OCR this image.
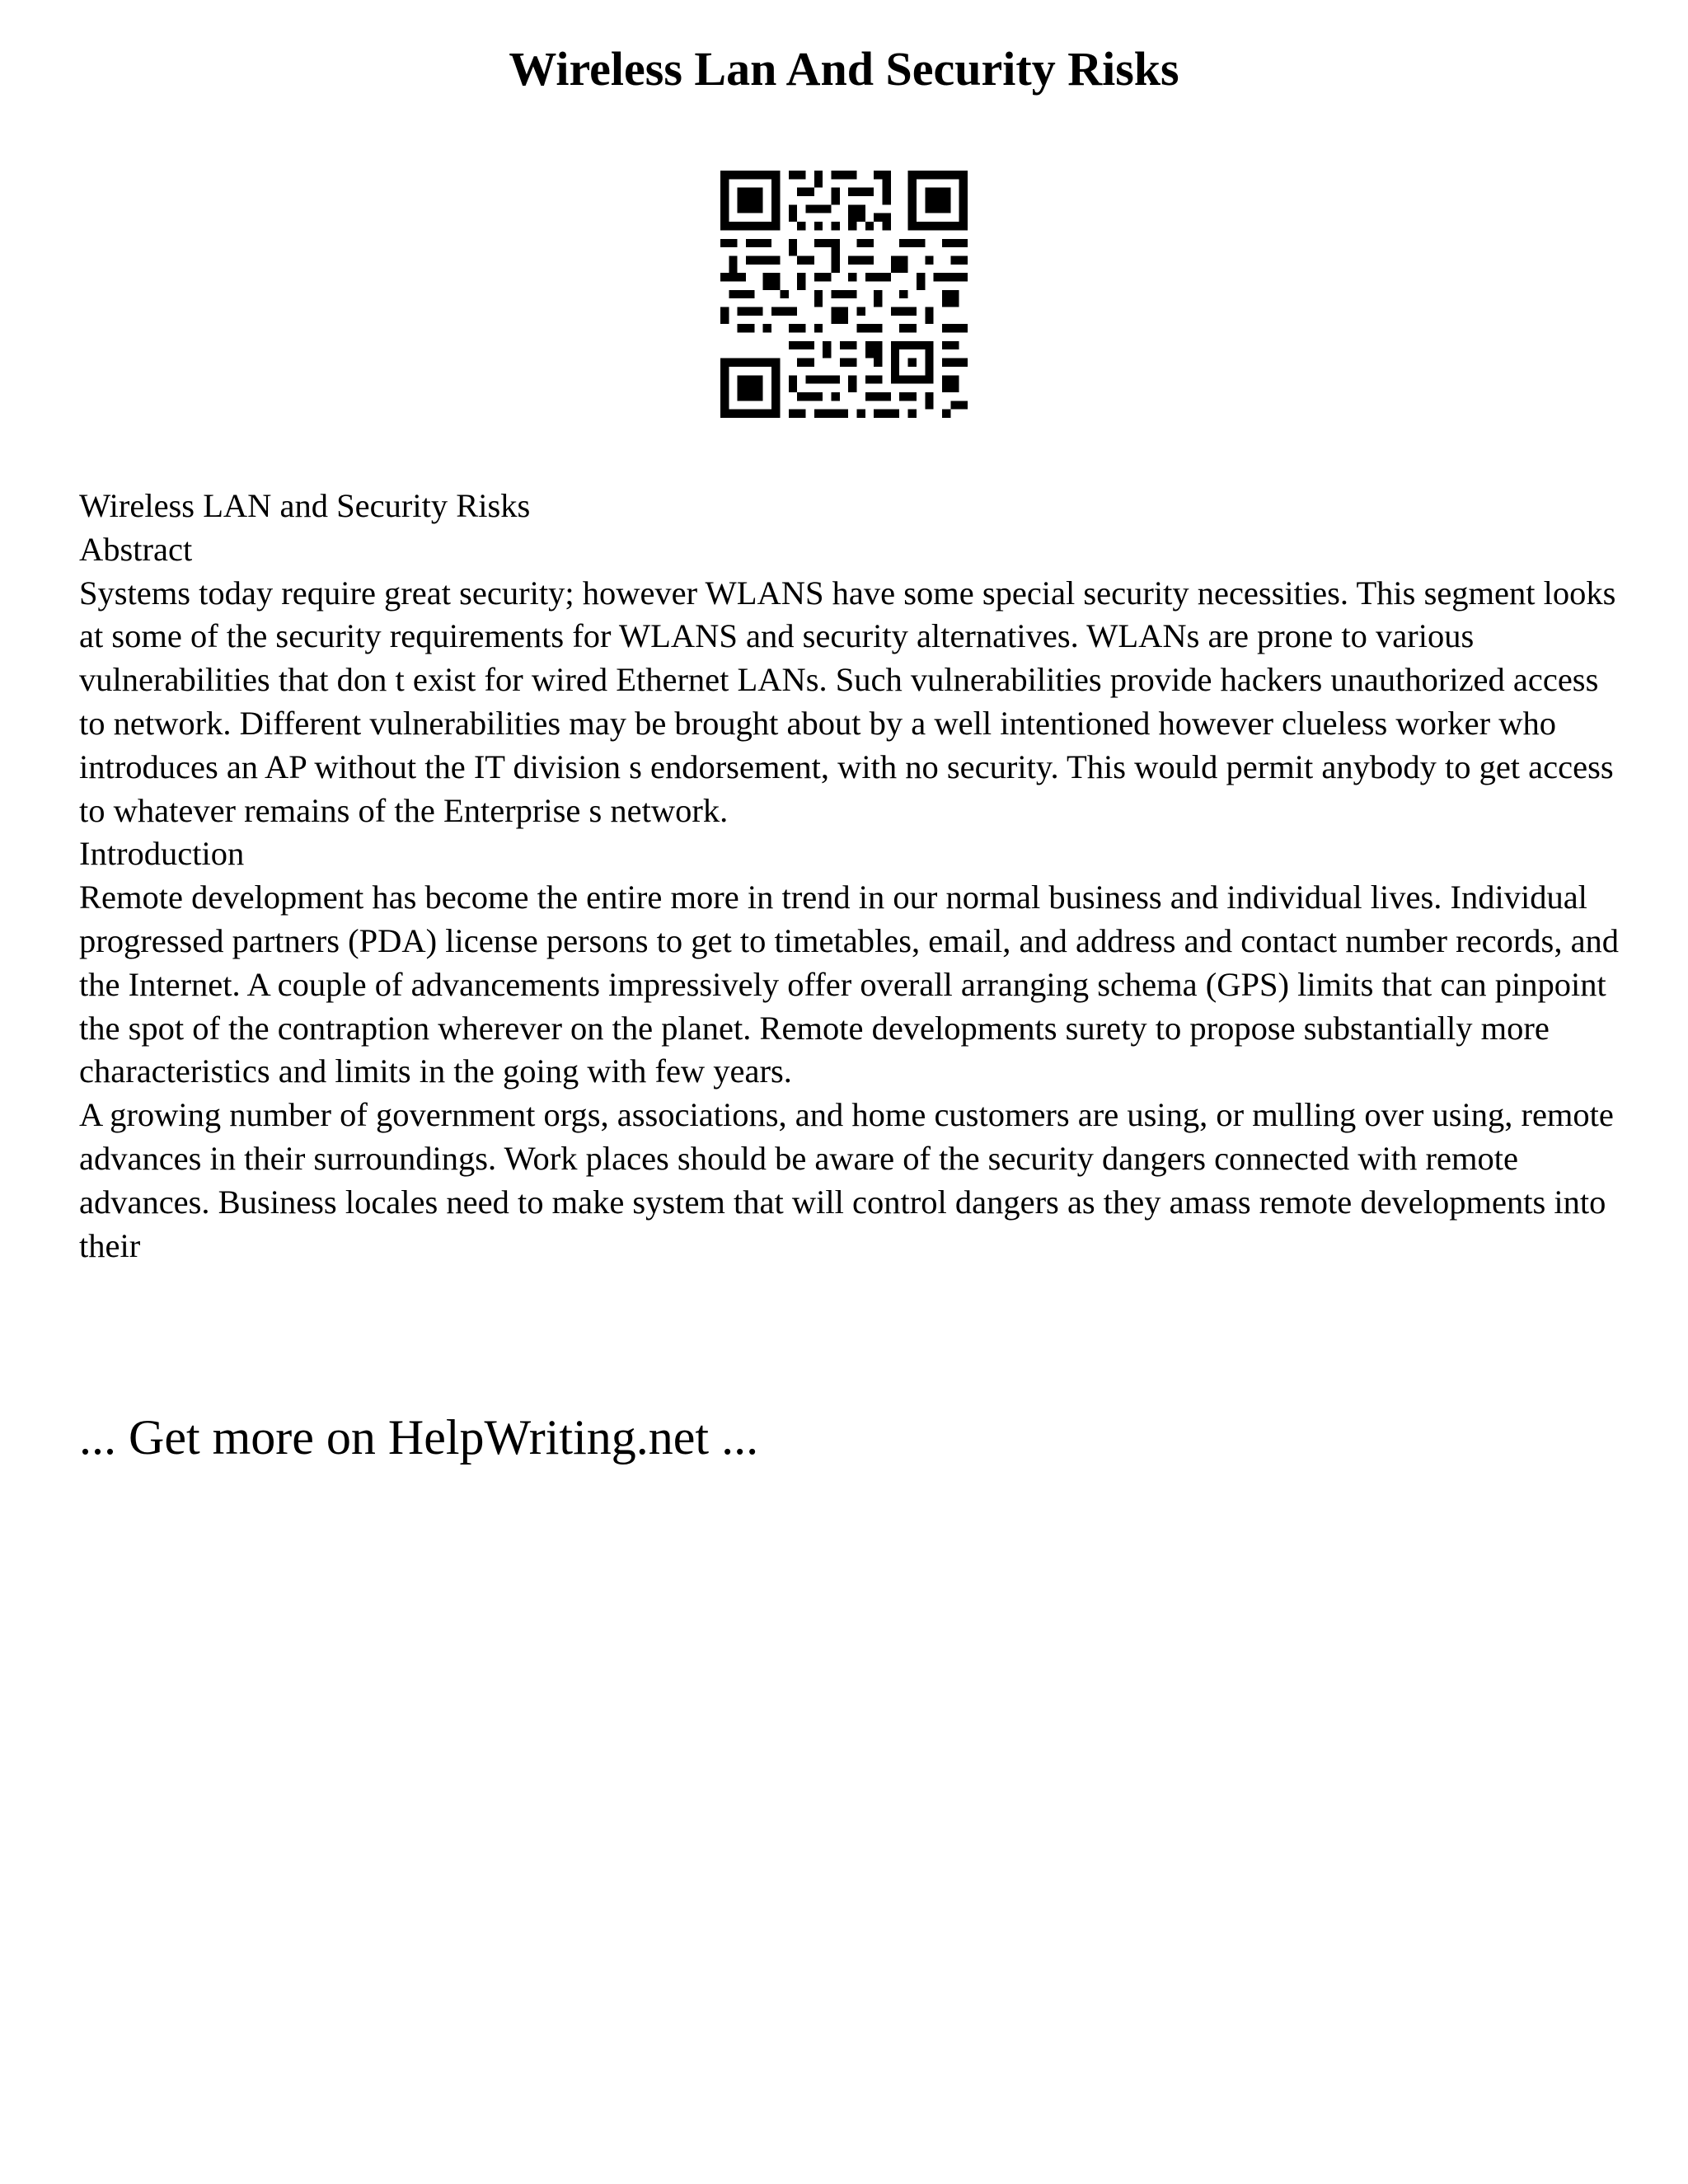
Wireless Lan And Security Risks

Wireless LAN and Security Risks

Abstract

Systems today require great security; however WLANS have some special security necessities. This segment looks at some of the security requirements for WLANS and security alternatives. WLANs are prone to various vulnerabilities that don t exist for wired Ethernet LANs. Such vulnerabilities provide hackers unauthorized access to network. Different vulnerabilities may be brought about by a well intentioned however clueless worker who introduces an AP without the IT division s endorsement, with no security. This would permit anybody to get access to whatever remains of the Enterprise s network.

Introduction

Remote development has become the entire more in trend in our normal business and individual lives. Individual progressed partners (PDA) license persons to get to timetables, email, and address and contact number records, and the Internet. A couple of advancements impressively offer overall arranging schema (GPS) limits that can pinpoint the spot of the contraption wherever on the planet. Remote developments surety to propose substantially more characteristics and limits in the going with few years.

A growing number of government orgs, associations, and home customers are using, or mulling over using, remote advances in their surroundings. Work places should be aware of the security dangers connected with remote advances. Business locales need to make system that will control dangers as they amass remote developments into their

... Get more on HelpWriting.net ...
